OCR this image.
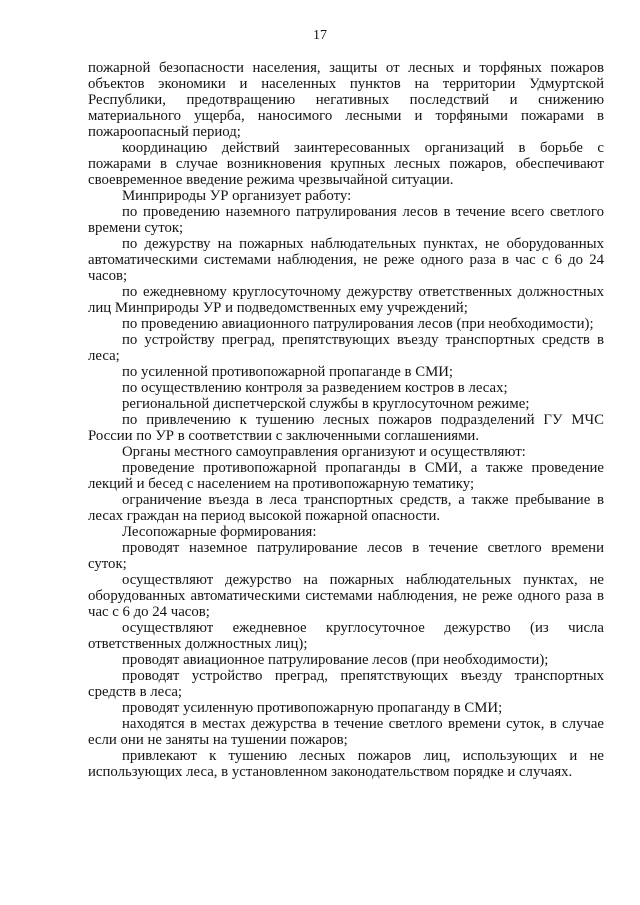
17

пожарной безопасности населения, защиты от лесных и торфяных пожаров объектов экономики и населенных пунктов на территории Удмуртской Республики, предотвращению негативных последствий и снижению материального ущерба, наносимого лесными и торфяными пожарами в пожароопасный период;

координацию действий заинтересованных организаций в борьбе с пожарами в случае возникновения крупных лесных пожаров, обеспечивают своевременное введение режима чрезвычайной ситуации.

Минприроды УР организует работу:

по проведению наземного патрулирования лесов в течение всего светлого времени суток;

по дежурству на пожарных наблюдательных пунктах, не оборудованных автоматическими системами наблюдения, не реже одного раза в час с 6 до 24 часов;

по ежедневному круглосуточному дежурству ответственных должностных лиц Минприроды УР и подведомственных ему учреждений;

по проведению авиационного патрулирования лесов (при необходимости);

по устройству преград, препятствующих въезду транспортных средств в леса;

по усиленной противопожарной пропаганде в СМИ;

по осуществлению контроля за разведением костров в лесах;

региональной диспетчерской службы в круглосуточном режиме;

по привлечению к тушению лесных пожаров подразделений ГУ МЧС России по УР в соответствии с заключенными соглашениями.

Органы местного самоуправления организуют и осуществляют:

проведение противопожарной пропаганды в СМИ, а также проведение лекций и бесед с населением на противопожарную тематику;

ограничение въезда в леса транспортных средств, а также пребывание в лесах граждан на период высокой пожарной опасности.

Лесопожарные формирования:

проводят наземное патрулирование лесов в течение светлого времени суток;

осуществляют дежурство на пожарных наблюдательных пунктах, не оборудованных автоматическими системами наблюдения, не реже одного раза в час с 6 до 24 часов;

осуществляют ежедневное круглосуточное дежурство (из числа ответственных должностных лиц);

проводят авиационное патрулирование лесов (при необходимости);

проводят устройство преград, препятствующих въезду транспортных средств в леса;

проводят усиленную противопожарную пропаганду в СМИ;

находятся в местах дежурства в течение светлого времени суток, в случае если они не заняты на тушении пожаров;

привлекают к тушению лесных пожаров лиц, использующих и не использующих леса, в установленном законодательством порядке и случаях.
